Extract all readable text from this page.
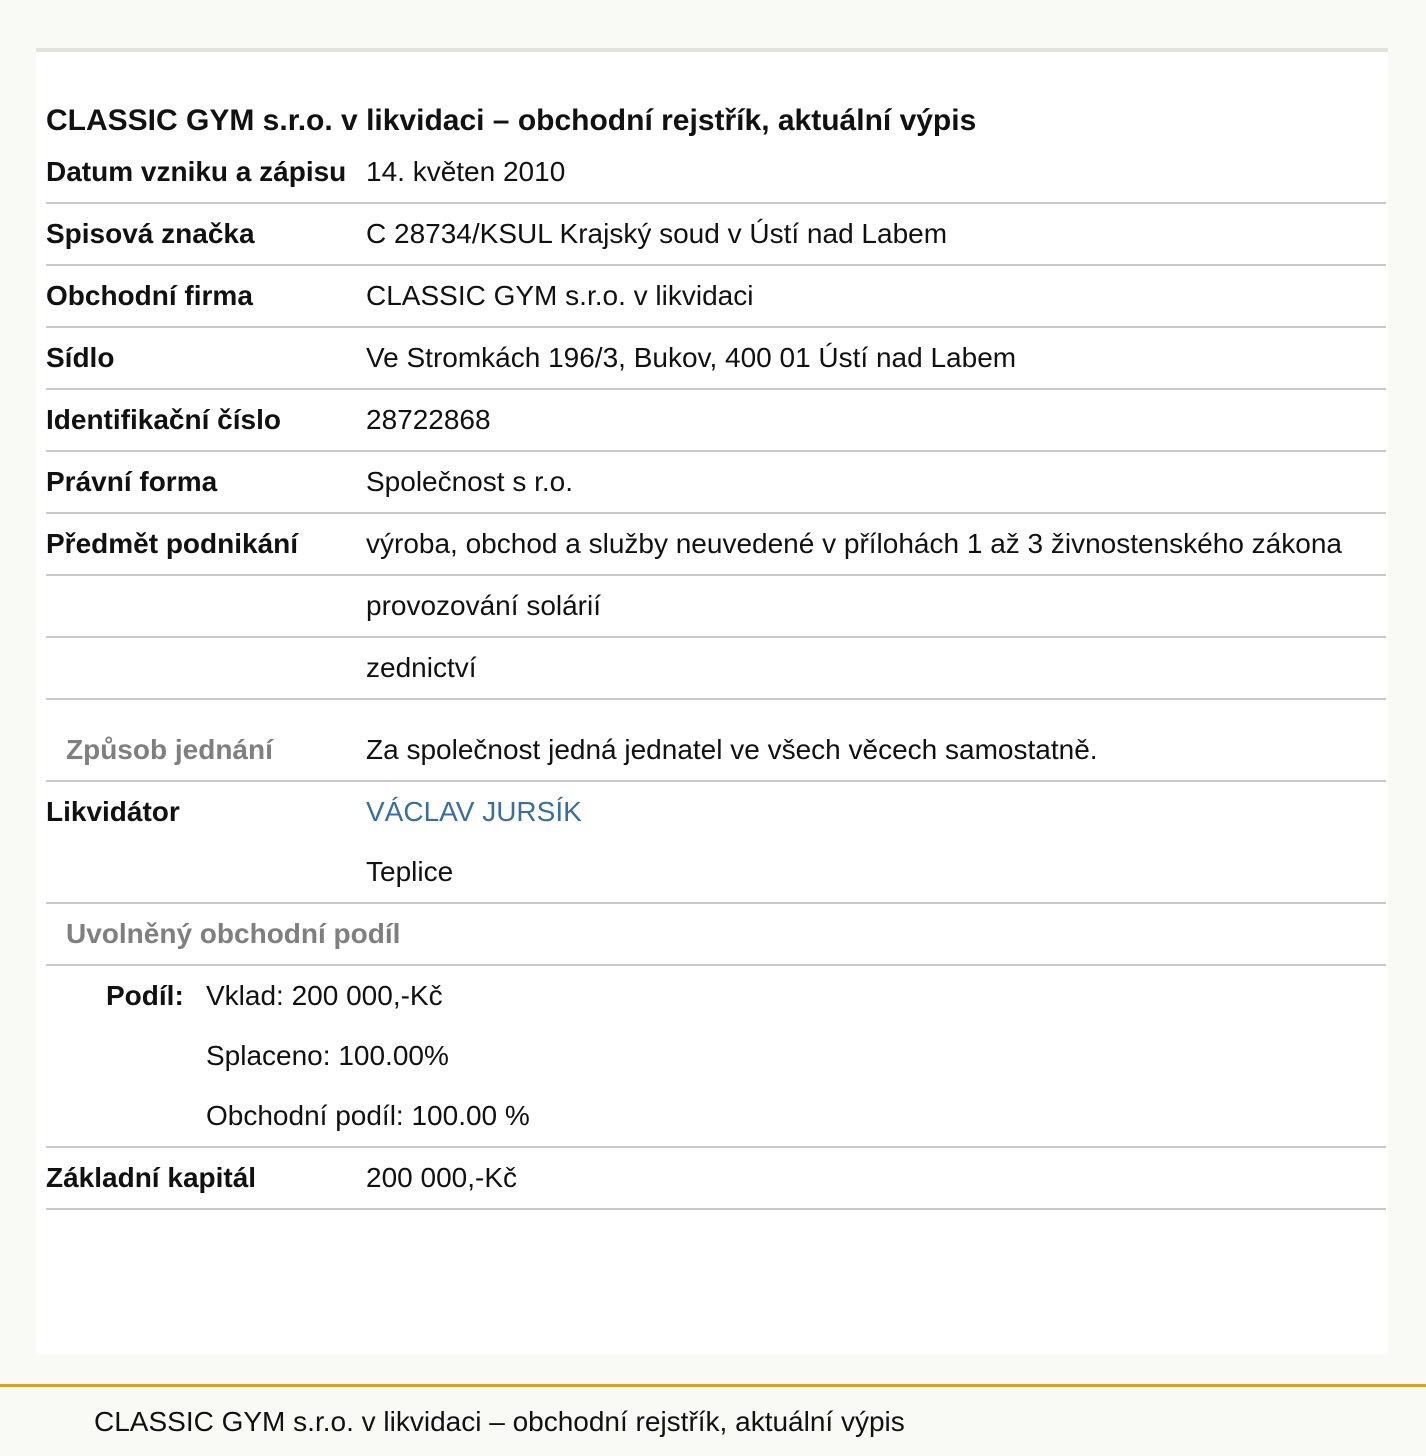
CLASSIC GYM s.r.o. v likvidaci – obchodní rejstřík, aktuální výpis
Datum vzniku a zápisu 14. květen 2010
Spisová značka	C 28734/KSUL Krajský soud v Ústí nad Labem
Obchodní firma	CLASSIC GYM s.r.o. v likvidaci
Sídlo	Ve Stromkách 196/3, Bukov, 400 01 Ústí nad Labem
Identifikační číslo	28722868
Právní forma	Společnost s r.o.
Předmět podnikání	výroba, obchod a služby neuvedené v přílohách 1 až 3 živnostenského zákona
provozování solárií
zednictví
Způsob jednání	Za společnost jedná jednatel ve všech věcech samostatně.
Likvidátor	VÁCLAV JURSÍK
Teplice
Uvolněný obchodní podíl
Podíl: Vklad: 200 000,-Kč
Splaceno: 100.00%
Obchodní podíl: 100.00 %
Základní kapitál	200 000,-Kč
CLASSIC GYM s.r.o. v likvidaci – obchodní rejstřík, aktuální výpis
